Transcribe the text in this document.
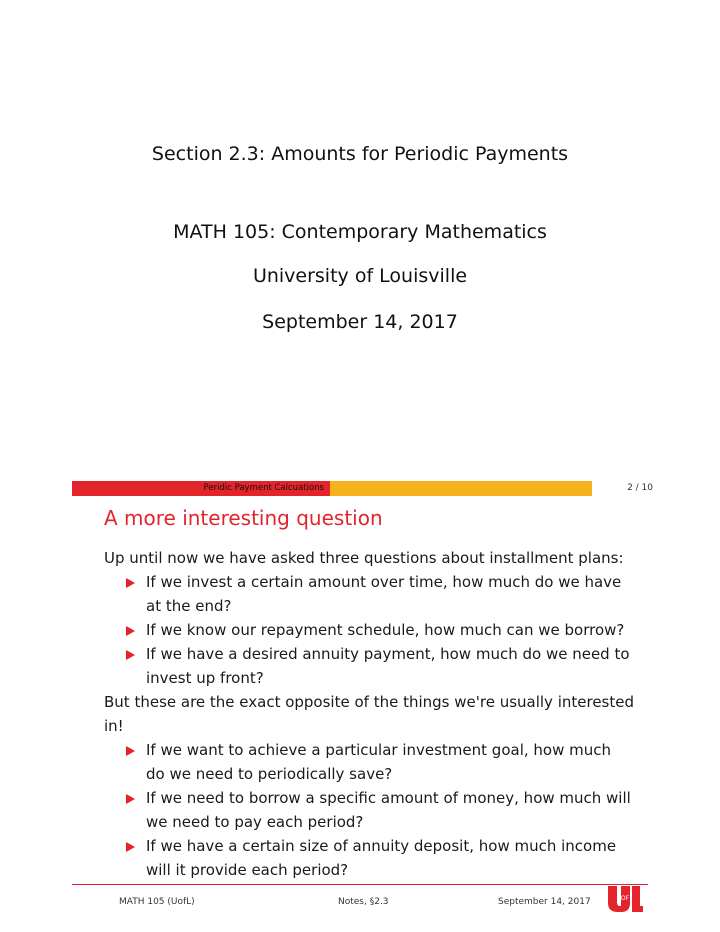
Section 2.3: Amounts for Periodic Payments
MATH 105: Contemporary Mathematics
University of Louisville
September 14, 2017
Peridic Payment Calcuations	2 / 10
A more interesting question

Up until now we have asked three questions about installment plans:

If we invest a certain amount over time, how much do we have at the end?
If we know our repayment schedule, how much can we borrow?
If we have a desired annuity payment, how much do we need to invest up front?

But these are the exact opposite of the things we're usually interested in!

If we want to achieve a particular investment goal, how much do we need to periodically save?
If we need to borrow a specific amount of money, how much will we need to pay each period?
If we have a certain size of annuity deposit, how much income will it provide each period?
MATH 105 (UofL)	Notes, §2.3	September 14, 2017	OF
